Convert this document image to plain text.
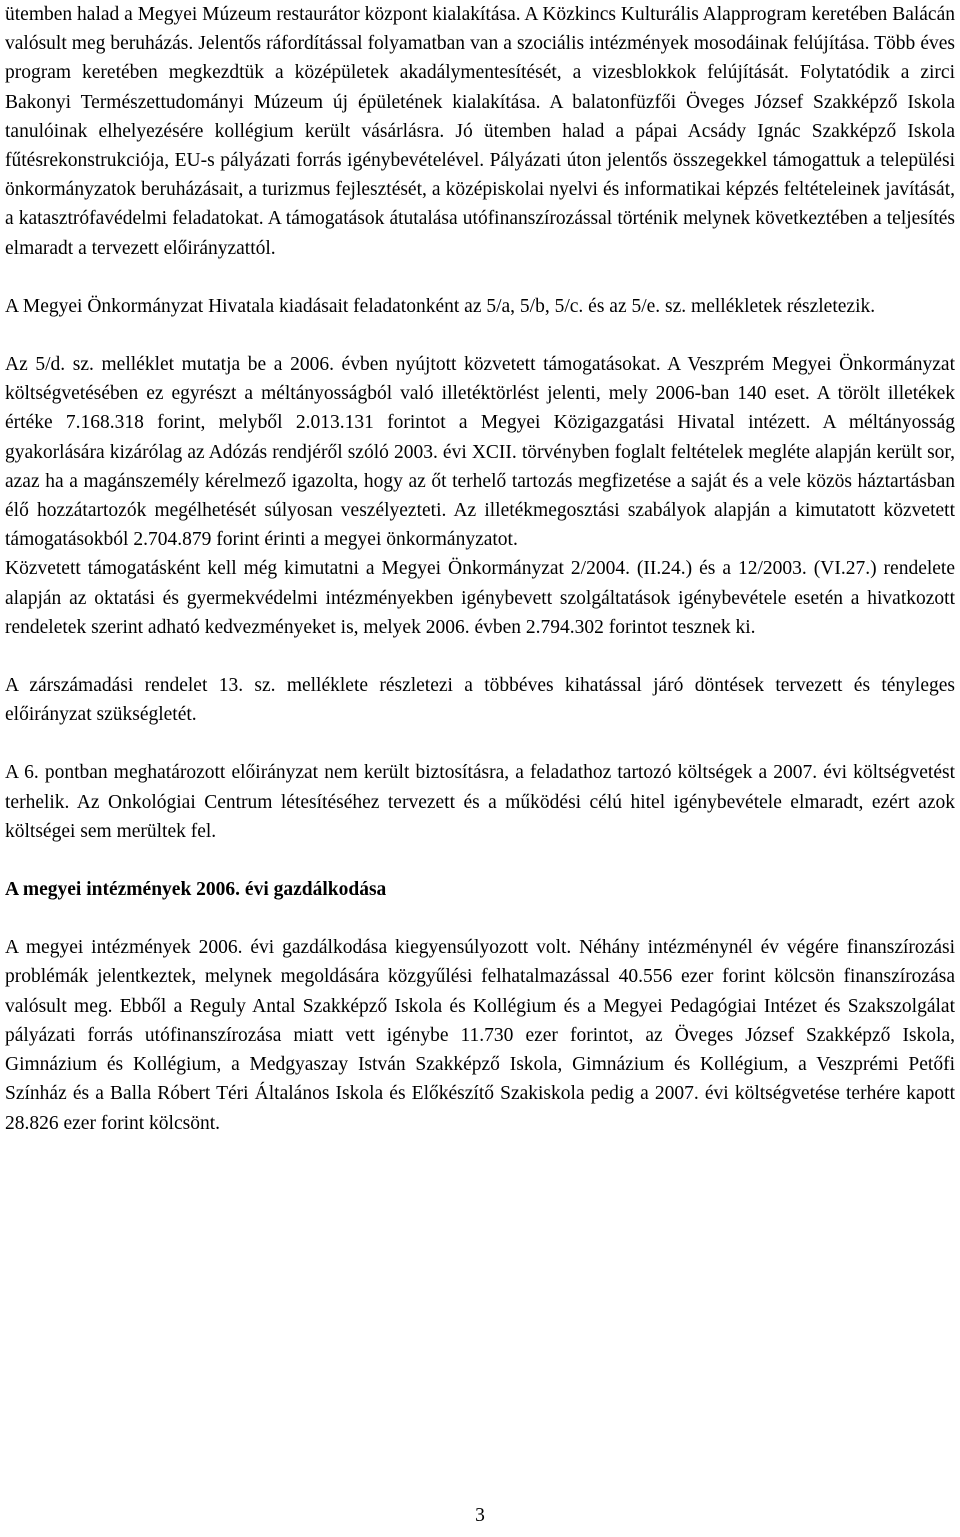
ütemben halad a Megyei Múzeum restaurátor központ kialakítása. A Közkincs Kulturális Alapprogram keretében Balácán valósult meg beruházás. Jelentős ráfordítással folyamatban van a szociális intézmények mosodáinak felújítása. Több éves program keretében megkezdtük a középületek akadálymentesítését, a vizesblokkok felújítását. Folytatódik a zirci Bakonyi Természettudományi Múzeum új épületének kialakítása. A balatonfüzfői Öveges József Szakképző Iskola tanulóinak elhelyezésére kollégium került vásárlásra. Jó ütemben halad a pápai Acsády Ignác Szakképző Iskola fűtésrekonstrukciója, EU-s pályázati forrás igénybevételével. Pályázati úton jelentős összegekkel támogattuk a települési önkormányzatok beruházásait, a turizmus fejlesztését, a középiskolai nyelvi és informatikai képzés feltételeinek javítását, a katasztrófavédelmi feladatokat. A támogatások átutalása utófinanszírozással történik melynek következtében a teljesítés elmaradt a tervezett előirányzattól.

A Megyei Önkormányzat Hivatala kiadásait feladatonként az 5/a, 5/b, 5/c. és az 5/e. sz. mellékletek részletezik.

Az 5/d. sz. melléklet mutatja be a 2006. évben nyújtott közvetett támogatásokat. A Veszprém Megyei Önkormányzat költségvetésében ez egyrészt a méltányosságból való illetéktörlést jelenti, mely 2006-ban 140 eset. A törölt illetékek értéke 7.168.318 forint, melyből 2.013.131 forintot a Megyei Közigazgatási Hivatal intézett. A méltányosság gyakorlására kizárólag az Adózás rendjéről szóló 2003. évi XCII. törvényben foglalt feltételek megléte alapján került sor, azaz ha a magánszemély kérelmező igazolta, hogy az őt terhelő tartozás megfizetése a saját és a vele közös háztartásban élő hozzátartozók megélhetését súlyosan veszélyezteti. Az illetékmegosztási szabályok alapján a kimutatott közvetett támogatásokból 2.704.879 forint érinti a megyei önkormányzatot.

Közvetett támogatásként kell még kimutatni a Megyei Önkormányzat 2/2004. (II.24.) és a 12/2003. (VI.27.) rendelete alapján az oktatási és gyermekvédelmi intézményekben igénybevett szolgáltatások igénybevétele esetén a hivatkozott rendeletek szerint adható kedvezményeket is, melyek 2006. évben 2.794.302 forintot tesznek ki.

A zárszámadási rendelet 13. sz. melléklete részletezi a többéves kihatással járó döntések tervezett és tényleges előirányzat szükségletét.

A 6. pontban meghatározott előirányzat nem került biztosításra, a feladathoz tartozó költségek a 2007. évi költségvetést terhelik. Az Onkológiai Centrum létesítéséhez tervezett és a működési célú hitel igénybevétele elmaradt, ezért azok költségei sem merültek fel.

A megyei intézmények 2006. évi gazdálkodása

A megyei intézmények 2006. évi gazdálkodása kiegyensúlyozott volt. Néhány intézménynél év végére finanszírozási problémák jelentkeztek, melynek megoldására közgyűlési felhatalmazással 40.556 ezer forint kölcsön finanszírozása valósult meg. Ebből a Reguly Antal Szakképző Iskola és Kollégium és a Megyei Pedagógiai Intézet és Szakszolgálat pályázati forrás utófinanszírozása miatt vett igénybe 11.730 ezer forintot, az Öveges József Szakképző Iskola, Gimnázium és Kollégium, a Medgyaszay István Szakképző Iskola, Gimnázium és Kollégium, a Veszprémi Petőfi Színház és a Balla Róbert Téri Általános Iskola és Előkészítő Szakiskola pedig a 2007. évi költségvetése terhére kapott 28.826 ezer forint kölcsönt.

3
